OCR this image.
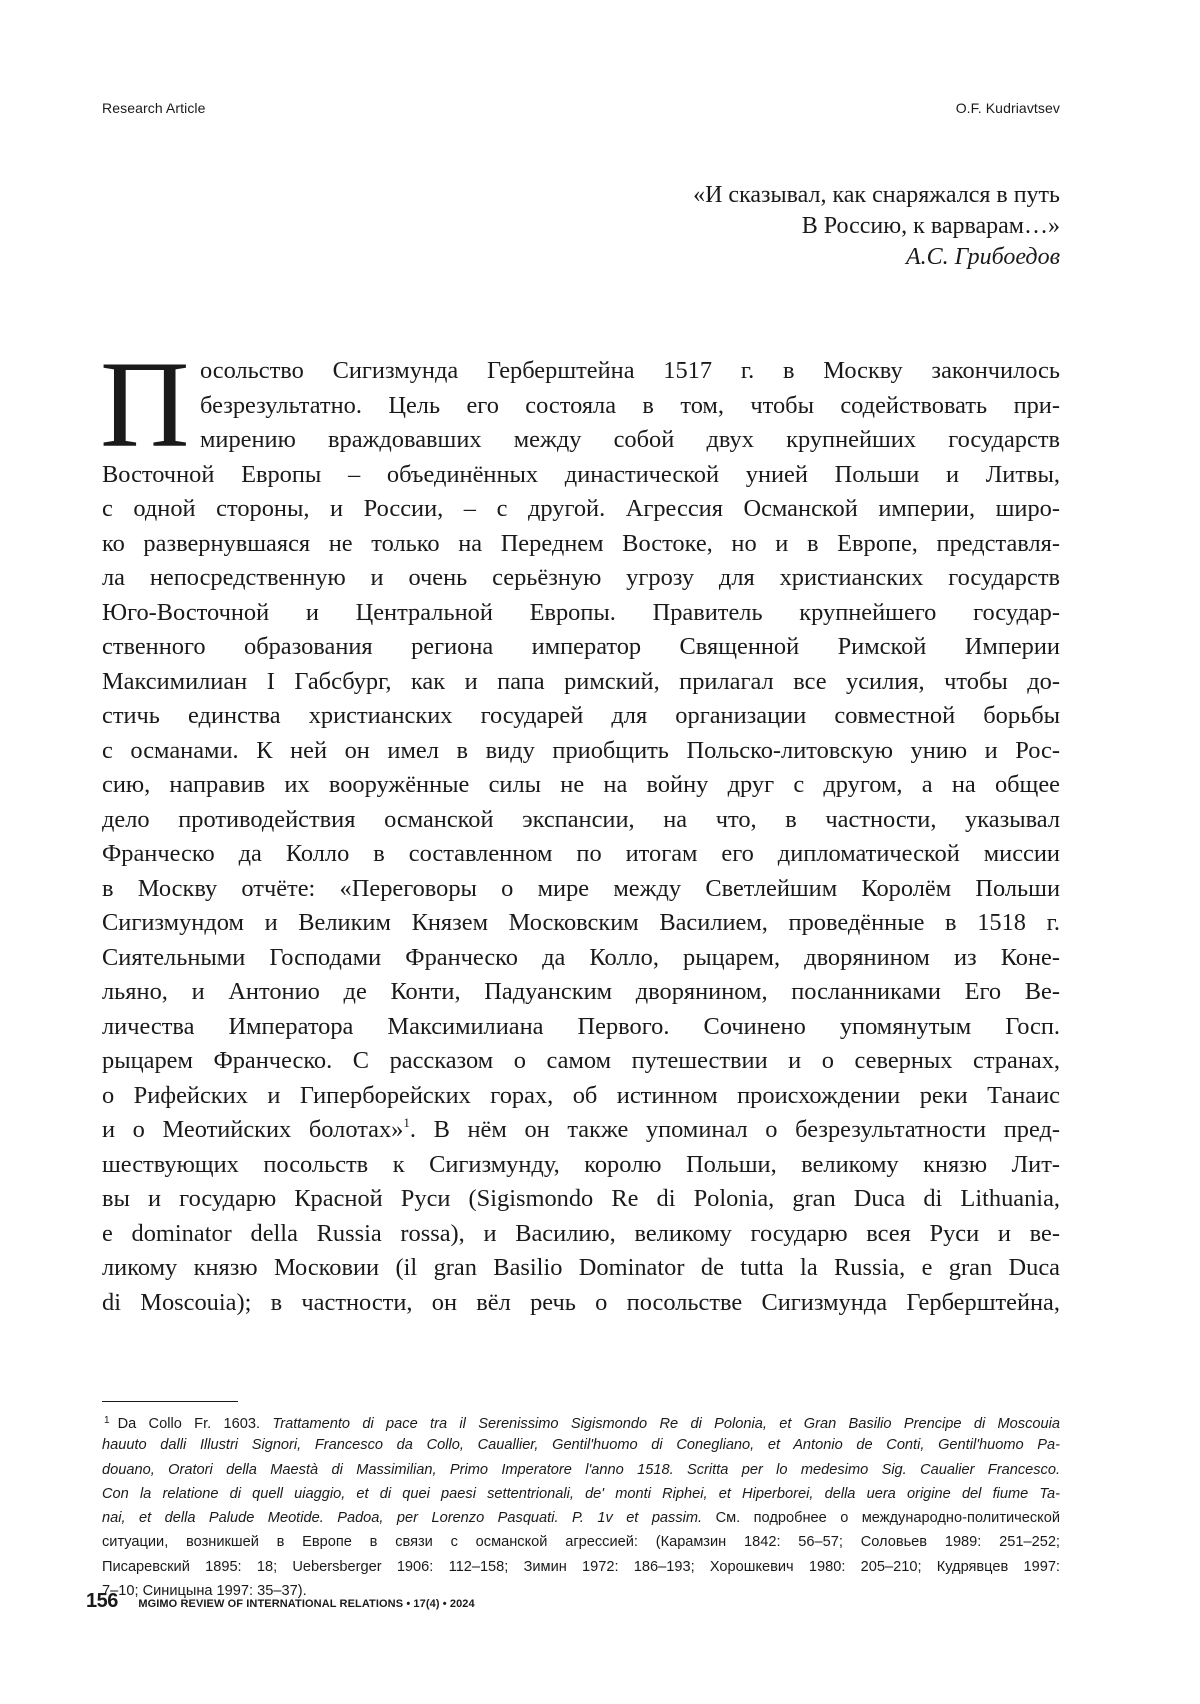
Research Article	O.F. Kudriavtsev
«И сказывал, как снаряжался в путь
В Россию, к варварам…»
А.С. Грибоедов
П осольство Сигизмунда Герберштейна 1517 г. в Москву закончилось
безрезультатно. Цель его состояла в том, чтобы содействовать при-
мирению враждовавших между собой двух крупнейших государств
Восточной Европы – объединённых династической унией Польши и Литвы,
с одной стороны, и России, – с другой. Агрессия Османской империи, широ-
ко развернувшаяся не только на Переднем Востоке, но и в Европе, представля-
ла непосредственную и очень серьёзную угрозу для христианских государств
Юго-Восточной и Центральной Европы. Правитель крупнейшего государ-
ственного образования региона император Священной Римской Империи
Максимилиан I Габсбург, как и папа римский, прилагал все усилия, чтобы до-
стичь единства христианских государей для организации совместной борьбы
с османами. К ней он имел в виду приобщить Польско-литовскую унию и Рос-
сию, направив их вооружённые силы не на войну друг с другом, а на общее
дело противодействия османской экспансии, на что, в частности, указывал
Франческо да Колло в составленном по итогам его дипломатической миссии
в Москву отчёте: «Переговоры о мире между Светлейшим Королём Польши
Сигизмундом и Великим Князем Московским Василием, проведённые в 1518 г.
Сиятельными Господами Франческо да Колло, рыцарем, дворянином из Коне-
льяно, и Антонио де Конти, Падуанским дворянином, посланниками Его Ве-
личества Императора Максимилиана Первого. Сочинено упомянутым Госп.
рыцарем Франческо. С рассказом о самом путешествии и о северных странах,
о Рифейских и Гиперборейских горах, об истинном происхождении реки Танаис
и о Меотийских болотах»1. В нём он также упоминал о безрезультатности пред-
шествующих посольств к Сигизмунду, королю Польши, великому князю Лит-
вы и государю Красной Руси (Sigismondo Re di Polonia, gran Duca di Lithuania,
e dominator della Russia rossa), и Василию, великому государю всея Руси и ве-
ликому князю Московии (il gran Basilio Dominator de tutta la Russia, e gran Duca
di Moscouia); в частности, он вёл речь о посольстве Сигизмунда Герберштейна,
1 Da Collo Fr. 1603. Trattamento di pace tra il Serenissimo Sigismondo Re di Polonia, et Gran Basilio Prencipe di Moscouia
hauuto dalli Illustri Signori, Francesco da Collo, Cauallier, Gentil'huomo di Conegliano, et Antonio de Conti, Gentil'huomo Pa-
douano, Oratori della Maestà di Massimilian, Primo Imperatore l'anno 1518. Scritta per lo medesimo Sig. Caualier Francesco.
Con la relatione di quell uiaggio, et di quei paesi settentrionali, de' monti Riphei, et Hiperborei, della uera origine del fiume Ta-
nai, et della Palude Meotide. Padoa, per Lorenzo Pasquati. P. 1v et passim. См. подробнее о международно-политической
ситуации, возникшей в Европе в связи с османской агрессией: (Карамзин 1842: 56–57; Соловьев 1989: 251–252;
Писаревский 1895: 18; Uebersberger 1906: 112–158; Зимин 1972: 186–193; Хорошкевич 1980: 205–210; Кудрявцев 1997:
7–10; Синицына 1997: 35–37).
156 MGIMO REVIEW OF INTERNATIONAL RELATIONS • 17(4) • 2024
